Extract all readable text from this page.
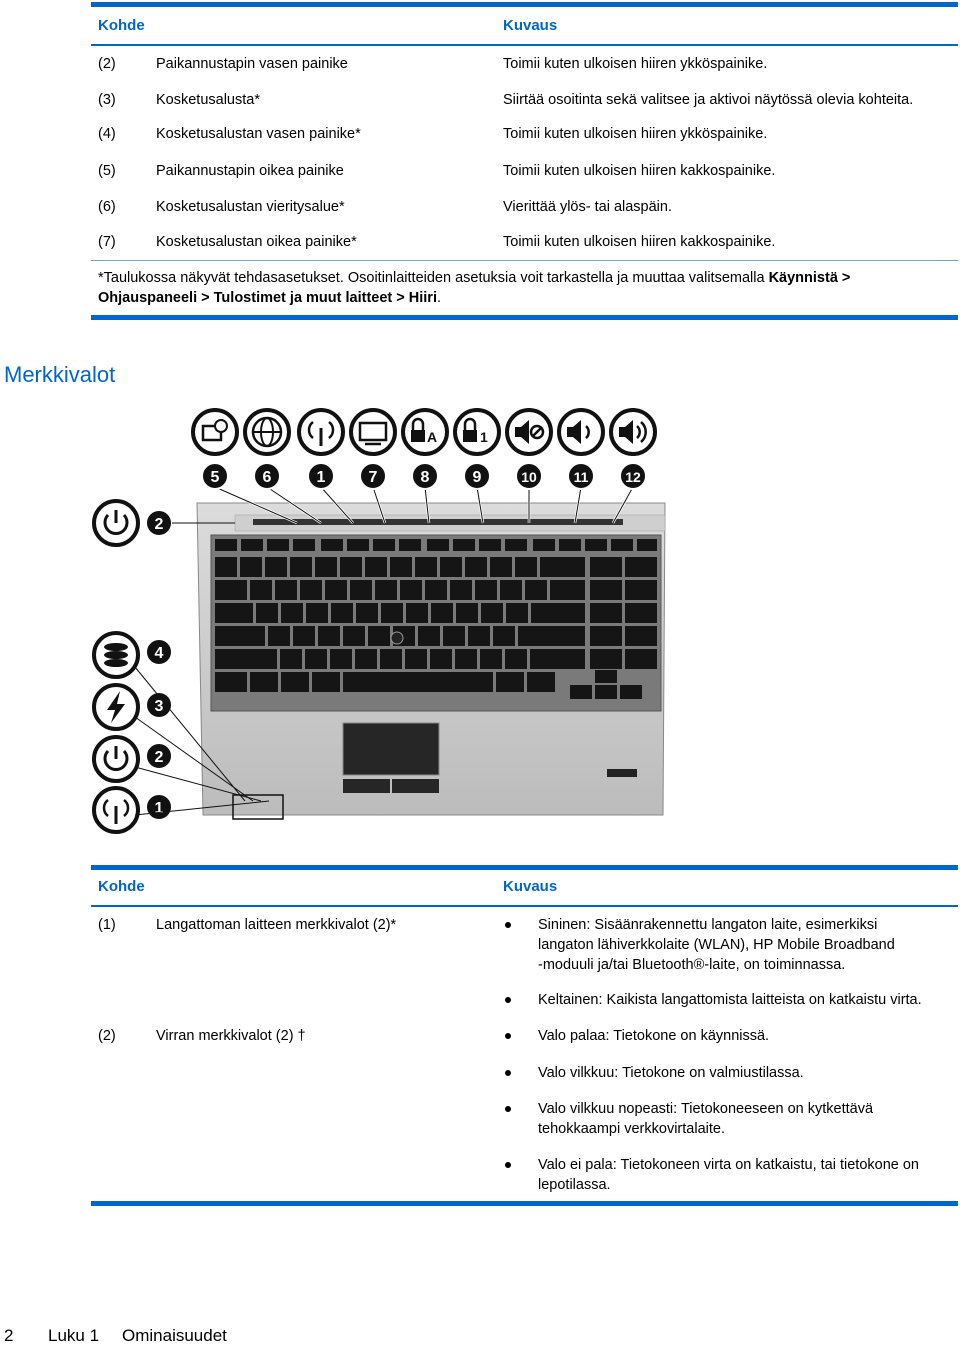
Kohde	Kuvaus
(2)	Paikannustapin vasen painike	Toimii kuten ulkoisen hiiren ykköspainike.
(3)	Kosketusalusta*	Siirtää osoitinta sekä valitsee ja aktivoi näytössä olevia kohteita.
(4)	Kosketusalustan vasen painike*	Toimii kuten ulkoisen hiiren ykköspainike.
(5)	Paikannustapin oikea painike	Toimii kuten ulkoisen hiiren kakkospainike.
(6)	Kosketusalustan vieritysalue*	Vierittää ylös- tai alaspäin.
(7)	Kosketusalustan oikea painike*	Toimii kuten ulkoisen hiiren kakkospainike.
*Taulukossa näkyvät tehdasasetukset. Osoitinlaitteiden asetuksia voit tarkastella ja muuttaa valitsemalla Käynnistä > Ohjauspaneeli > Tulostimet ja muut laitteet > Hiiri.
Merkkivalot
A	1
5	6	1	7	8	9	10	11	12
2
4
3
2
1
Kohde	Kuvaus
(1)	Langattoman laitteen merkkivalot (2)*	Sininen: Sisäänrakennettu langaton laite, esimerkiksi
langaton lähiverkkolaite (WLAN), HP Mobile Broadband
-moduuli ja/tai Bluetooth®-laite, on toiminnassa.
Keltainen: Kaikista langattomista laitteista on katkaistu virta.
(2)	Virran merkkivalot (2) †	Valo palaa: Tietokone on käynnissä.
Valo vilkkuu: Tietokone on valmiustilassa.
Valo vilkkuu nopeasti: Tietokoneeseen on kytkettävä
tehokkaampi verkkovirtalaite.
Valo ei pala: Tietokoneen virta on katkaistu, tai tietokone on
lepotilassa.
2 Luku 1 Ominaisuudet
